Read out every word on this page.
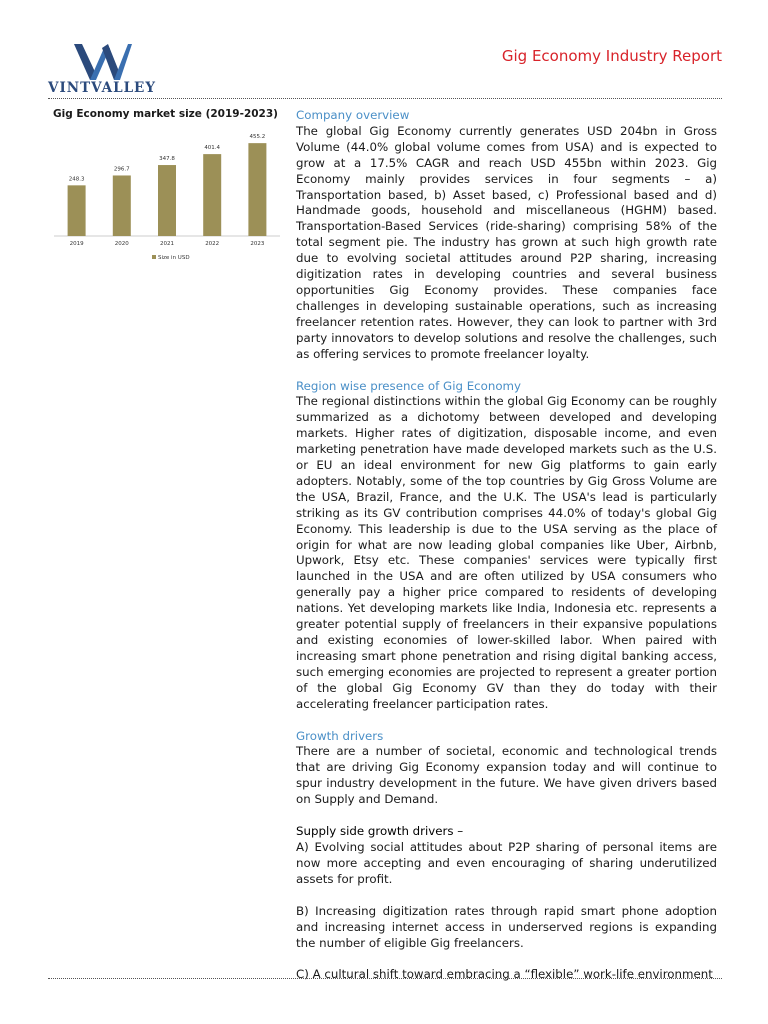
VINTVALLEY
Gig Economy Industry Report
Gig Economy market size (2019-2023)
248.3
2019
296.7
2020
347.8
2021
401.4
2022
455.2
2023
Size in USD
Company overview
The global Gig Economy currently generates USD 204bn in Gross Volume (44.0% global volume comes from USA) and is expected to grow at a 17.5% CAGR and reach USD 455bn within 2023. Gig Economy mainly provides services in four segments – a) Transportation based, b) Asset based, c) Professional based and d) Handmade goods, household and miscellaneous (HGHM) based. Transportation-Based Services (ride-sharing) comprising 58% of the total segment pie. The industry has grown at such high growth rate due to evolving societal attitudes around P2P sharing, increasing digitization rates in developing countries and several business opportunities Gig Economy provides. These companies face challenges in developing sustainable operations, such as increasing freelancer retention rates. However, they can look to partner with 3rd party innovators to develop solutions and resolve the challenges, such as offering services to promote freelancer loyalty.
Region wise presence of Gig Economy
The regional distinctions within the global Gig Economy can be roughly summarized as a dichotomy between developed and developing markets. Higher rates of digitization, disposable income, and even marketing penetration have made developed markets such as the U.S. or EU an ideal environment for new Gig platforms to gain early adopters. Notably, some of the top countries by Gig Gross Volume are the USA, Brazil, France, and the U.K. The USA's lead is particularly striking as its GV contribution comprises 44.0% of today's global Gig Economy. This leadership is due to the USA serving as the place of origin for what are now leading global companies like Uber, Airbnb, Upwork, Etsy etc. These companies' services were typically first launched in the USA and are often utilized by USA consumers who generally pay a higher price compared to residents of developing nations. Yet developing markets like India, Indonesia etc. represents a greater potential supply of freelancers in their expansive populations and existing economies of lower-skilled labor. When paired with increasing smart phone penetration and rising digital banking access, such emerging economies are projected to represent a greater portion of the global Gig Economy GV than they do today with their accelerating freelancer participation rates.
Growth drivers
There are a number of societal, economic and technological trends that are driving Gig Economy expansion today and will continue to spur industry development in the future. We have given drivers based on Supply and Demand.
Supply side growth drivers –
A) Evolving social attitudes about P2P sharing of personal items are now more accepting and even encouraging of sharing underutilized assets for profit.
B) Increasing digitization rates through rapid smart phone adoption and increasing internet access in underserved regions is expanding the number of eligible Gig freelancers.
C) A cultural shift toward embracing a “flexible” work-life environment
